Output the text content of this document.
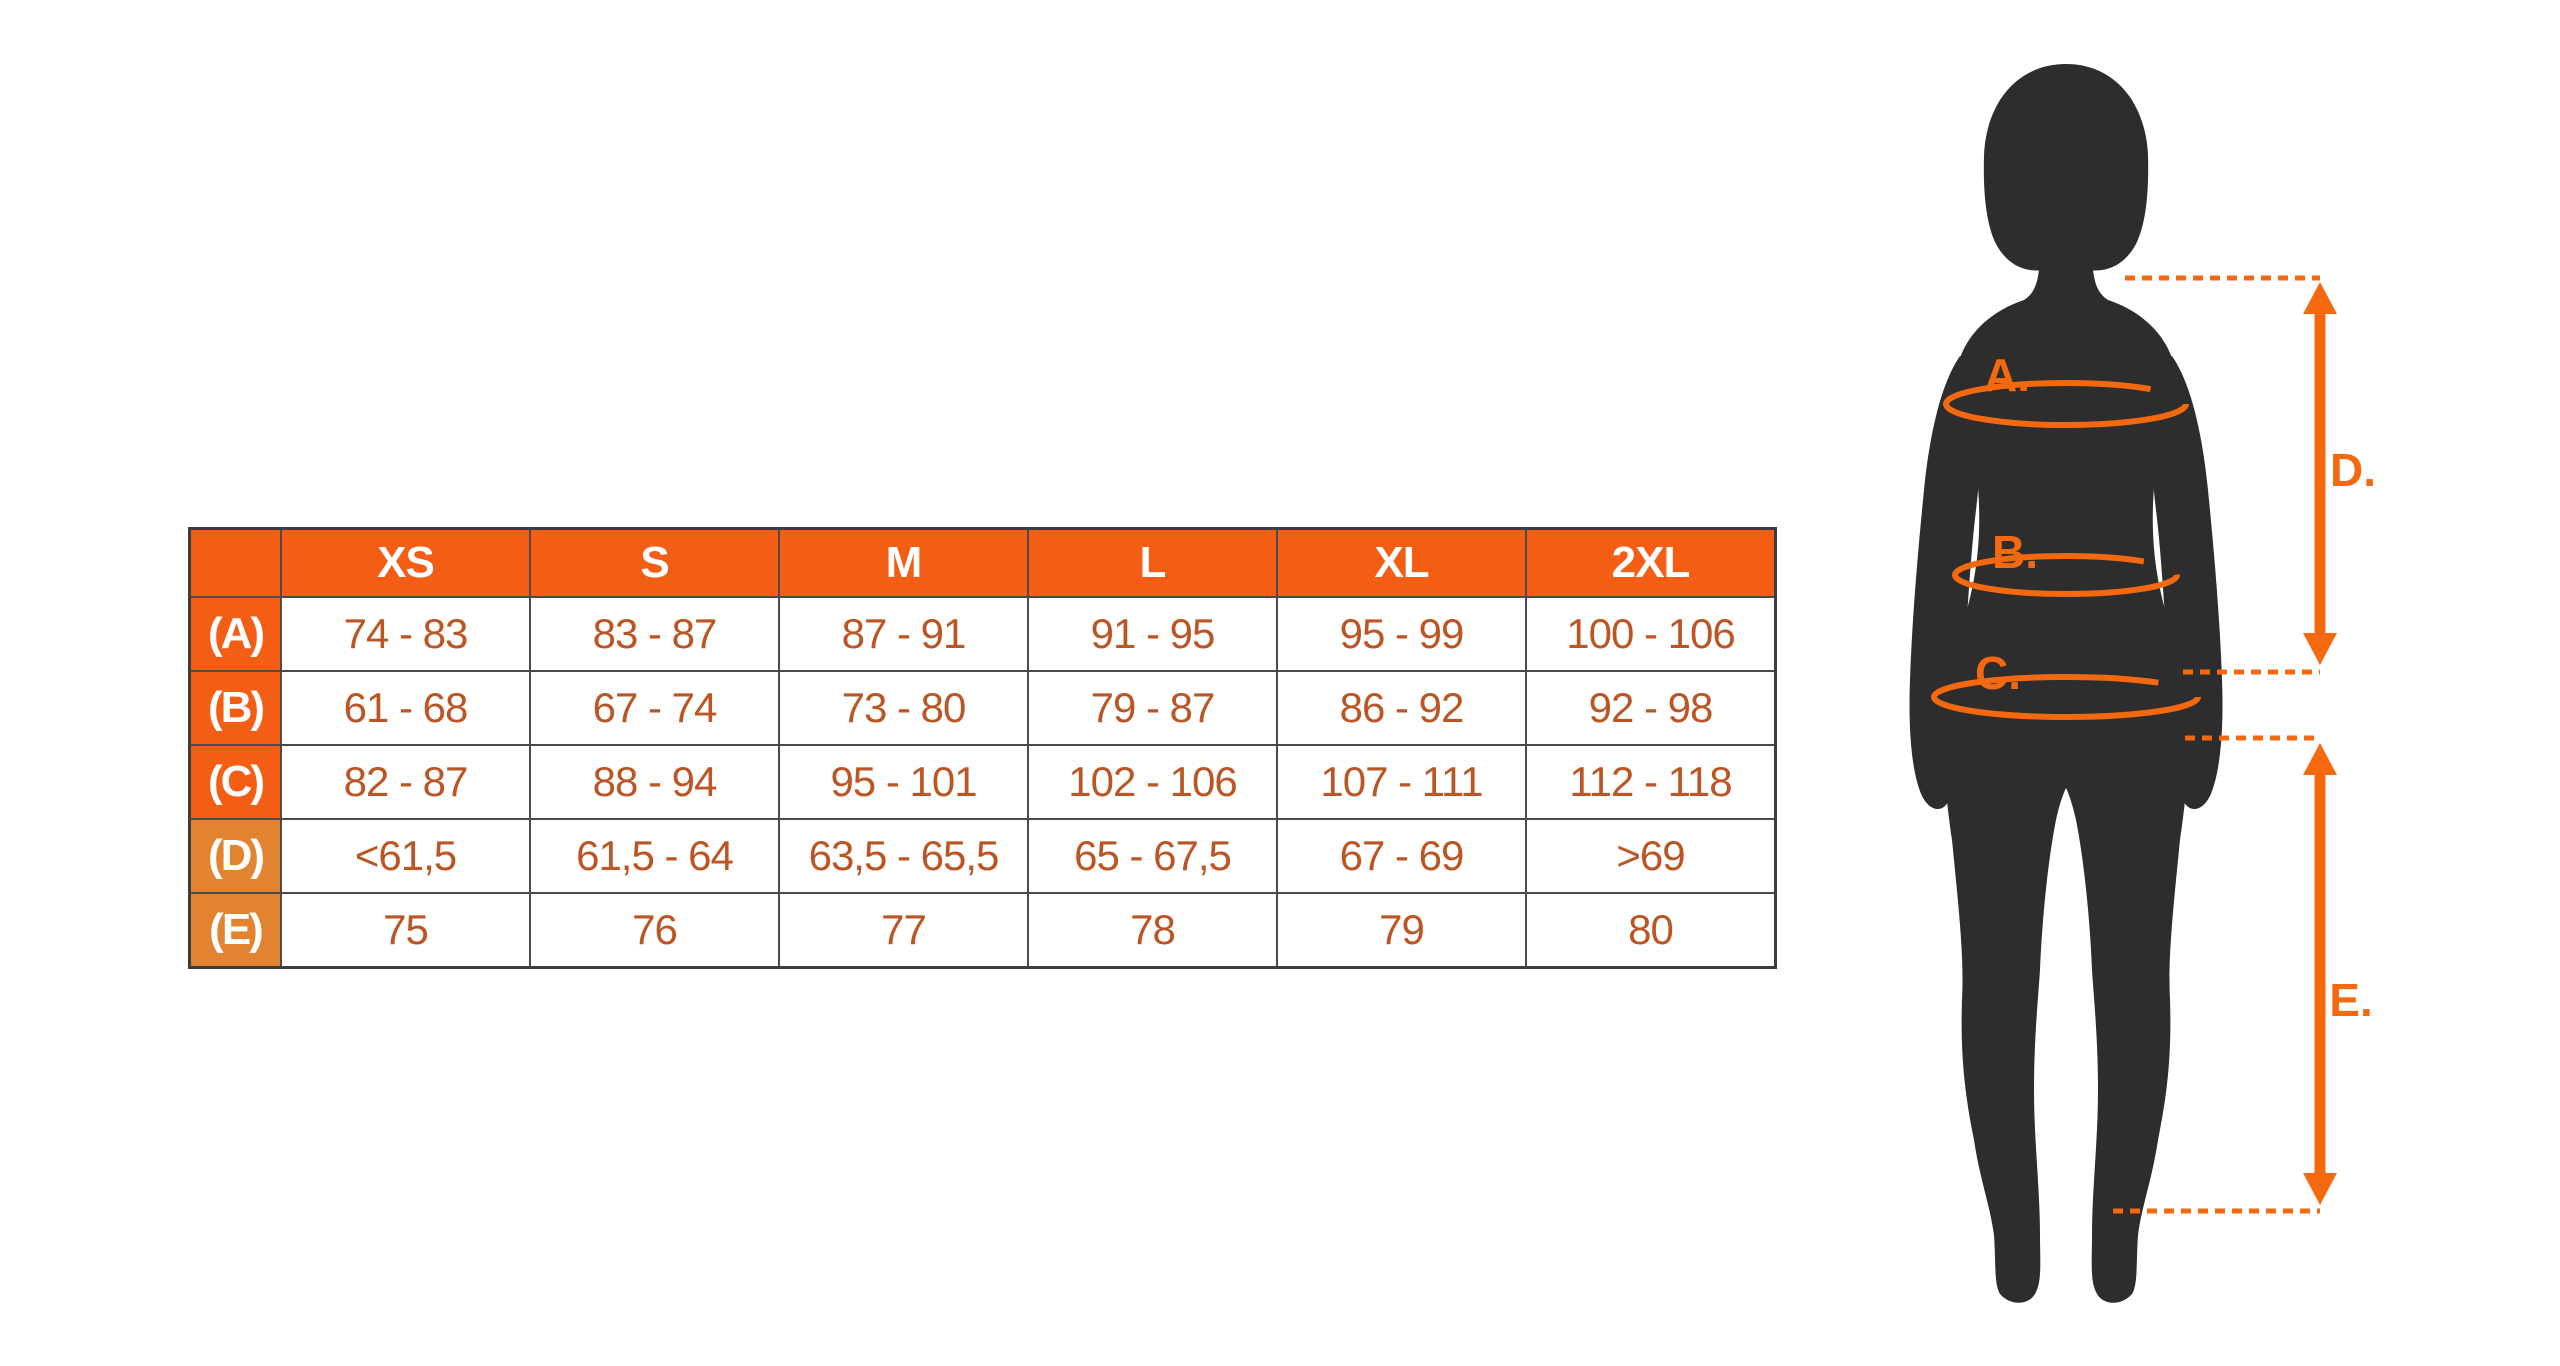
	XS	S	M	L	XL	2XL
(A)	74 - 83	83 - 87	87 - 91	91 - 95	95 - 99	100 - 106
(B)	61 - 68	67 - 74	73 - 80	79 - 87	86 - 92	92 - 98
(C)	82 - 87	88 - 94	95 - 101	102 - 106	107 - 111	112 - 118
(D)	<61,5	61,5 - 64	63,5 - 65,5	65 - 67,5	67 - 69	>69
(E)	75	76	77	78	79	80
A.
B.
C.
D.
E.
